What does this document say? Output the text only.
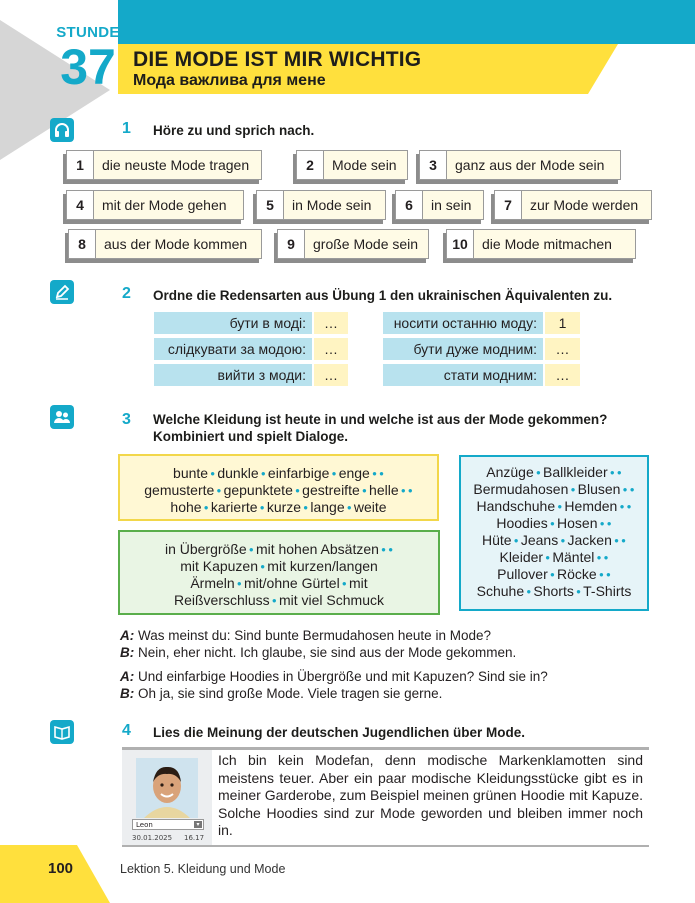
STUNDE
37 DIE MODE IST MIR WICHTIG
Мода важлива для мене
1 Höre zu und sprich nach.
1	die neuste Mode tragen	2	Mode sein	3	ganz aus der Mode sein
4	mit der Mode gehen	5	in Mode sein	6	in sein	7	zur Mode werden
8	aus der Mode kommen	9	große Mode sein	10	die Mode mitmachen
2 Ordne die Redensarten aus Übung 1 den ukrainischen Äquivalenten zu.
бути в моді:	…
слідкувати за модою:	…
вийти з моди:	…
носити останню моду:	1
бути дуже модним:	…
стати модним:	…
3 Welche Kleidung ist heute in und welche ist aus der Mode gekommen?
Kombiniert und spielt Dialoge.
bunte ● dunkle ● einfarbige ● enge ● ●
gemusterte ● gepunktete ● gestreifte ● helle ● ●
hohe ● karierte ● kurze ● lange ● weite
in Übergröße ● mit hohen Absätzen ● ●
mit Kapuzen ● mit kurzen/langen
Ärmeln ● mit/ohne Gürtel ● mit
Reißverschluss ● mit viel Schmuck
Anzüge ● Ballkleider ● ●
Bermudahosen ● Blusen ● ●
Handschuhe ● Hemden ● ●
Hoodies ● Hosen ● ●
Hüte ● Jeans ● Jacken ● ●
Kleider ● Mäntel ● ●
Pullover ● Röcke ● ●
Schuhe ● Shorts ● T-Shirts
A: Was meinst du: Sind bunte Bermudahosen heute in Mode?
B: Nein, eher nicht. Ich glaube, sie sind aus der Mode gekommen.
A: Und einfarbige Hoodies in Übergröße und mit Kapuzen? Sind sie in?
B: Oh ja, sie sind große Mode. Viele tragen sie gerne.
4 Lies die Meinung der deutschen Jugendlichen über Mode.
Leon	▾
30.01.2025 16.17
Ich bin kein Modefan, denn modische Markenklamotten sind meistens teuer. Aber ein paar modische Kleidungsstücke gibt es in meiner Garderobe, zum Beispiel meinen grünen Hoodie mit Kapuze. Solche Hoodies sind zur Mode geworden und bleiben immer noch in.
100	Lektion 5. Kleidung und Mode
